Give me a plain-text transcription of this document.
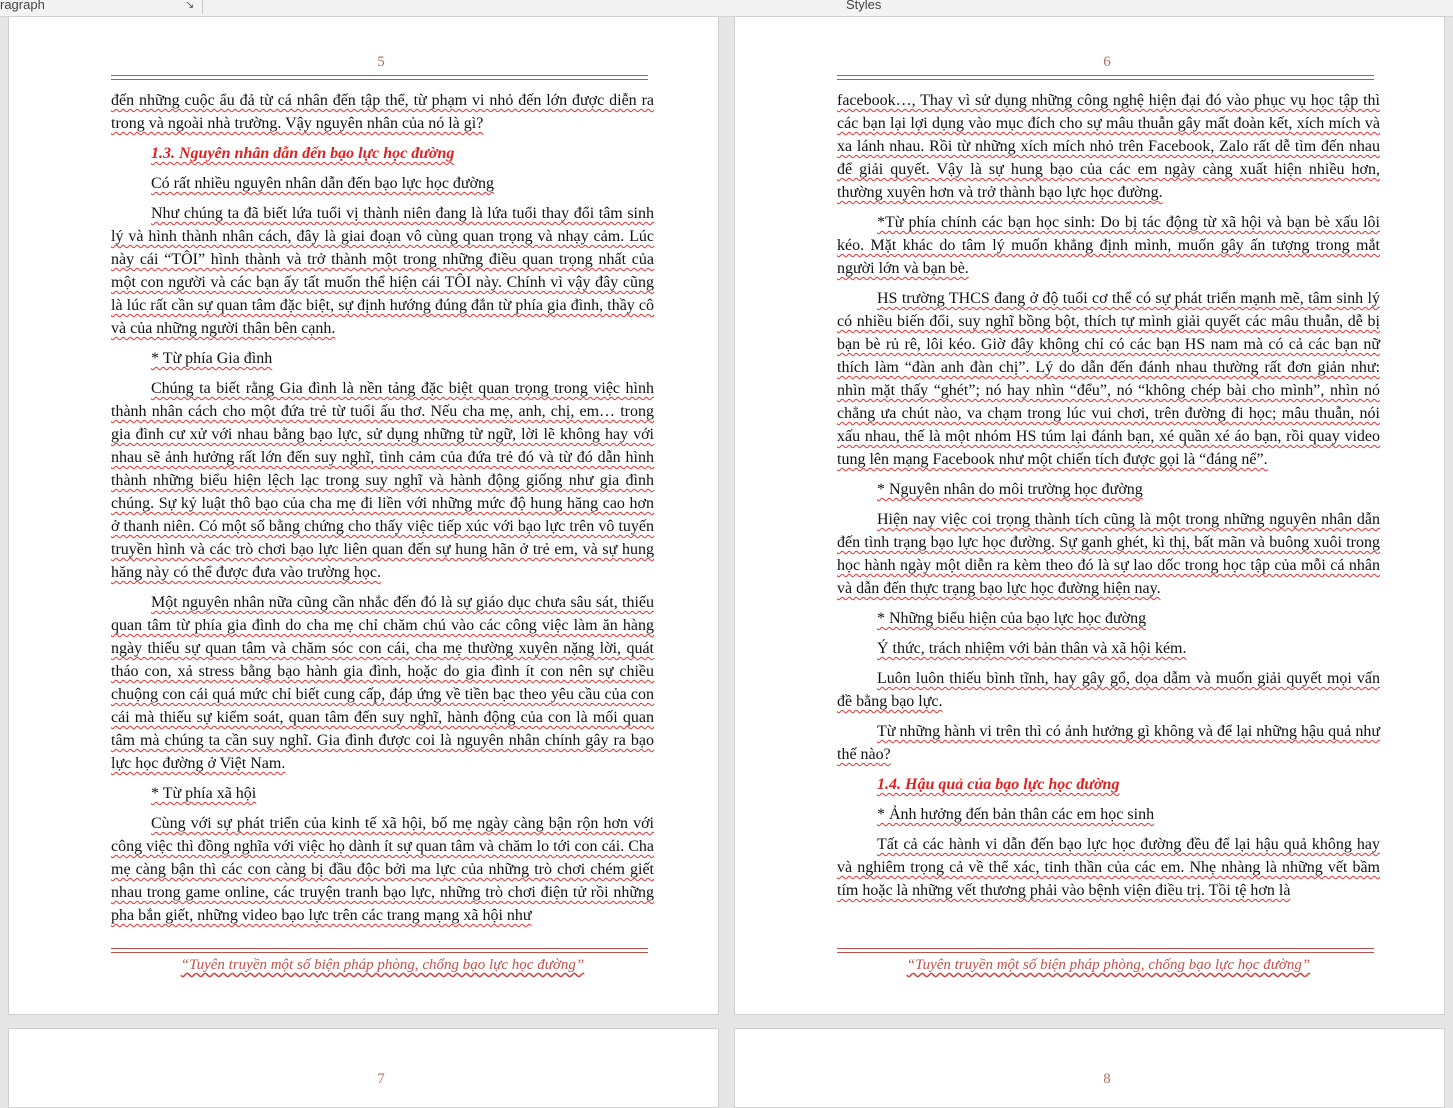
ragraph	↘	Styles
5

đến những cuộc ẩu đả từ cá nhân đến tập thể, từ phạm vi nhỏ đến lớn được diễn ra trong và ngoài nhà trường. Vậy nguyên nhân của nó là gì?

1.3. Nguyên nhân dẫn đến bạo lực học đường

Có rất nhiều nguyên nhân dẫn đến bạo lực học đường

Như chúng ta đã biết lứa tuổi vị thành niên đang là lứa tuổi thay đổi tâm sinh lý và hình thành nhân cách, đây là giai đoạn vô cùng quan trọng và nhạy cảm. Lúc này cái “TÔI” hình thành và trở thành một trong những điều quan trọng nhất của một con người và các bạn ấy tất muốn thể hiện cái TÔI này. Chính vì vậy đây cũng là lúc rất cần sự quan tâm đặc biệt, sự định hướng đúng đắn từ phía gia đình, thầy cô và của những người thân bên cạnh.

* Từ phía Gia đình

Chúng ta biết rằng Gia đình là nền tảng đặc biệt quan trọng trong việc hình thành nhân cách cho một đứa trẻ từ tuổi ấu thơ. Nếu cha mẹ, anh, chị, em… trong gia đình cư xử với nhau bằng bạo lực, sử dụng những từ ngữ, lời lẽ không hay với nhau sẽ ảnh hưởng rất lớn đến suy nghĩ, tình cảm của đứa trẻ đó và từ đó dẫn hình thành những biểu hiện lệch lạc trong suy nghĩ và hành động giống như gia đình chúng. Sự kỷ luật thô bạo của cha mẹ đi liền với những mức độ hung hăng cao hơn ở thanh niên. Có một số bằng chứng cho thấy việc tiếp xúc với bạo lực trên vô tuyến truyền hình và các trò chơi bạo lực liên quan đến sự hung hãn ở trẻ em, và sự hung hăng này có thể được đưa vào trường học.

Một nguyên nhân nữa cũng cần nhắc đến đó là sự giáo dục chưa sâu sát, thiếu quan tâm từ phía gia đình do cha mẹ chỉ chăm chú vào các công việc làm ăn hàng ngày thiếu sự quan tâm và chăm sóc con cái, cha mẹ thường xuyên nặng lời, quát tháo con, xả stress bằng bạo hành gia đình, hoặc do gia đình ít con nên sự chiều chuộng con cái quá mức chỉ biết cung cấp, đáp ứng về tiền bạc theo yêu cầu của con cái mà thiếu sự kiểm soát, quan tâm đến suy nghĩ, hành động của con là mối quan tâm mà chúng ta cần suy nghĩ. Gia đình được coi là nguyên nhân chính gây ra bạo lực học đường ở Việt Nam.

* Từ phía xã hội

Cùng với sự phát triển của kinh tế xã hội, bố mẹ ngày càng bận rộn hơn với công việc thì đồng nghĩa với việc họ dành ít sự quan tâm và chăm lo tới con cái. Cha mẹ càng bận thì các con càng bị đầu độc bởi ma lực của những trò chơi chém giết nhau trong game online, các truyện tranh bạo lực, những trò chơi điện tử rồi những pha bắn giết, những video bạo lực trên các trang mạng xã hội như

“Tuyên truyền một số biện pháp phòng, chống bạo lực học đường”
6

facebook…, Thay vì sử dụng những công nghệ hiện đại đó vào phục vụ học tập thì các bạn lại lợi dụng vào mục đích cho sự mâu thuẫn gây mất đoàn kết, xích mích và xa lánh nhau. Rồi từ những xích mích nhỏ trên Facebook, Zalo rất dễ tìm đến nhau để giải quyết. Vậy là sự hung bạo của các em ngày càng xuất hiện nhiều hơn, thường xuyên hơn và trở thành bạo lực học đường.

*Từ phía chính các bạn học sinh: Do bị tác động từ xã hội và bạn bè xấu lôi kéo. Mặt khác do tâm lý muốn khẳng định mình, muốn gây ấn tượng trong mắt người lớn và bạn bè.

HS trường THCS đang ở độ tuổi cơ thể có sự phát triển mạnh mẽ, tâm sinh lý có nhiều biến đổi, suy nghĩ bồng bột, thích tự mình giải quyết các mâu thuẫn, dễ bị bạn bè rủ rê, lôi kéo. Giờ đây không chỉ có các bạn HS nam mà có cả các bạn nữ thích làm “đàn anh đàn chị”. Lý do dẫn đến đánh nhau thường rất đơn giản như: nhìn mặt thấy “ghét”; nó hay nhìn “đểu”, nó “không chép bài cho mình”, nhìn nó chẳng ưa chút nào, va chạm trong lúc vui chơi, trên đường đi học; mâu thuẫn, nói xấu nhau, thế là một nhóm HS túm lại đánh bạn, xé quần xé áo bạn, rồi quay video tung lên mạng Facebook như một chiến tích được gọi là “đáng nể”.

* Nguyên nhân do môi trường học đường

Hiện nay việc coi trọng thành tích cũng là một trong những nguyên nhân dẫn đến tình trạng bạo lực học đường. Sự ganh ghét, kì thị, bất mãn và buông xuôi trong học hành ngày một diễn ra kèm theo đó là sự lao dốc trong học tập của mỗi cá nhân và dẫn đến thực trạng bạo lực học đường hiện nay.

* Những biểu hiện của bạo lực học đường

Ý thức, trách nhiệm với bản thân và xã hội kém.

Luôn luôn thiếu bình tĩnh, hay gây gổ, dọa dẫm và muốn giải quyết mọi vấn đề bằng bạo lực.

Từ những hành vi trên thì có ảnh hưởng gì không và để lại những hậu quả như thế nào?

1.4. Hậu quả của bạo lực học đường

* Ảnh hưởng đến bản thân các em học sinh

Tất cả các hành vi dẫn đến bạo lực học đường đều để lại hậu quả không hay và nghiêm trọng cả về thể xác, tinh thần của các em. Nhẹ nhàng là những vết bầm tím hoặc là những vết thương phải vào bệnh viện điều trị. Tồi tệ hơn là

“Tuyên truyền một số biện pháp phòng, chống bạo lực học đường”
7	8
